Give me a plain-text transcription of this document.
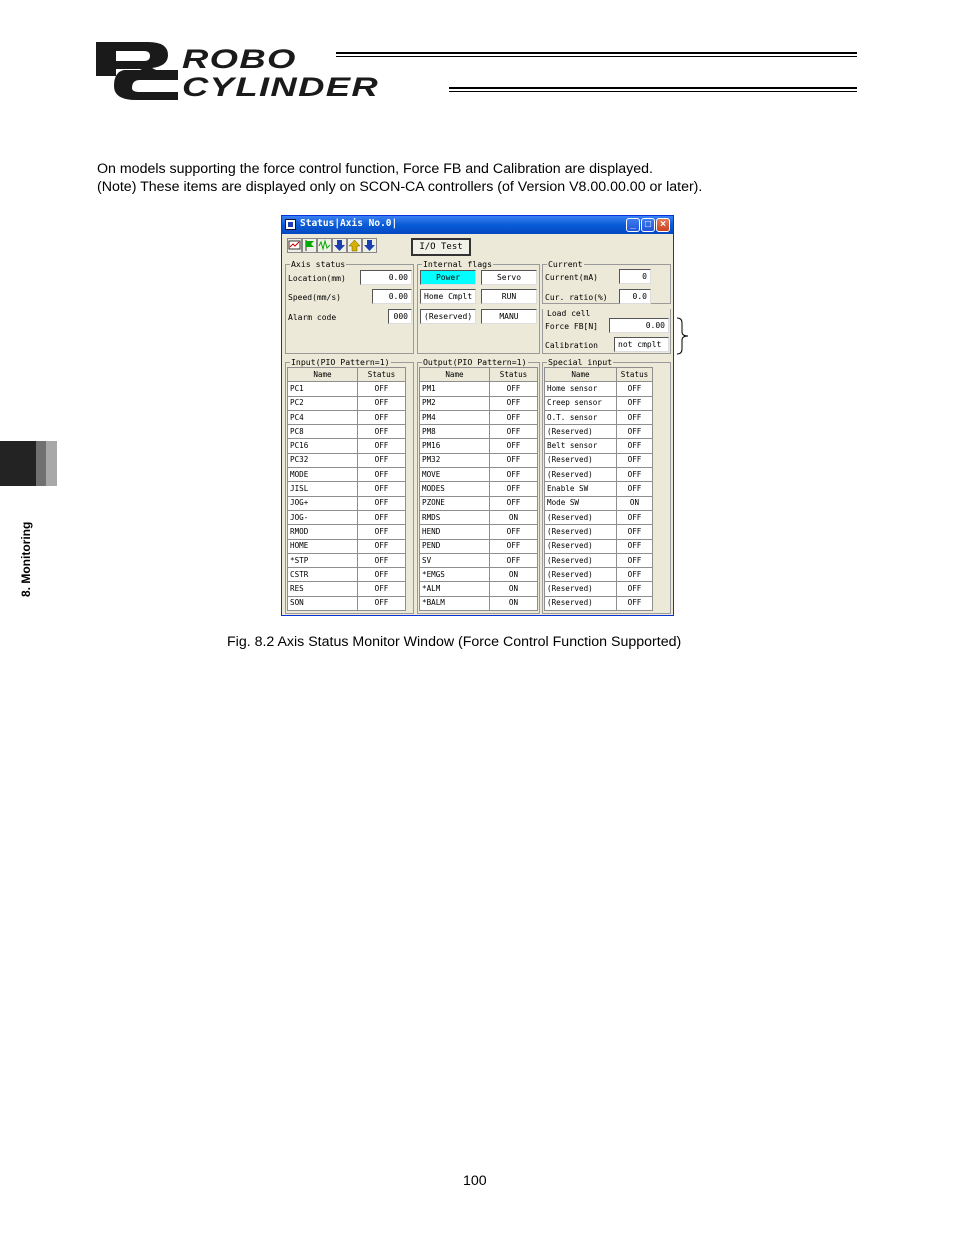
ROBO
CYLINDER
On models supporting the force control function, Force FB and Calibration are displayed.
(Note) These items are displayed only on SCON-CA controllers (of Version V8.00.00.00 or later).
8. Monitoring
Status|Axis No.0|	_ □ ×
I/O Test
Axis status
Location(mm)	0.00
Speed(mm/s)	0.00
Alarm code	000
Internal flags
Power	Servo
Home Cmplt	RUN
(Reserved)	MANU
Current
Current(mA)	0
Cur. ratio(%)	0.0
Load cell
Force FB[N]	0.00
Calibration	not cmplt
Input(PIO Pattern=1)
Name	Status
PC1	OFF
PC2	OFF
PC4	OFF
PC8	OFF
PC16	OFF
PC32	OFF
MODE	OFF
JISL	OFF
JOG+	OFF
JOG-	OFF
RMOD	OFF
HOME	OFF
*STP	OFF
CSTR	OFF
RES	OFF
SON	OFF
Output(PIO Pattern=1)
Name	Status
PM1	OFF
PM2	OFF
PM4	OFF
PM8	OFF
PM16	OFF
PM32	OFF
MOVE	OFF
MODES	OFF
PZONE	OFF
RMDS	ON
HEND	OFF
PEND	OFF
SV	OFF
*EMGS	ON
*ALM	ON
*BALM	ON
Special input
Name	Status
Home sensor	OFF
Creep sensor	OFF
O.T. sensor	OFF
(Reserved)	OFF
Belt sensor	OFF
(Reserved)	OFF
(Reserved)	OFF
Enable SW	OFF
Mode SW	ON
(Reserved)	OFF
(Reserved)	OFF
(Reserved)	OFF
(Reserved)	OFF
(Reserved)	OFF
(Reserved)	OFF
(Reserved)	OFF
Fig. 8.2 Axis Status Monitor Window (Force Control Function Supported)
100
